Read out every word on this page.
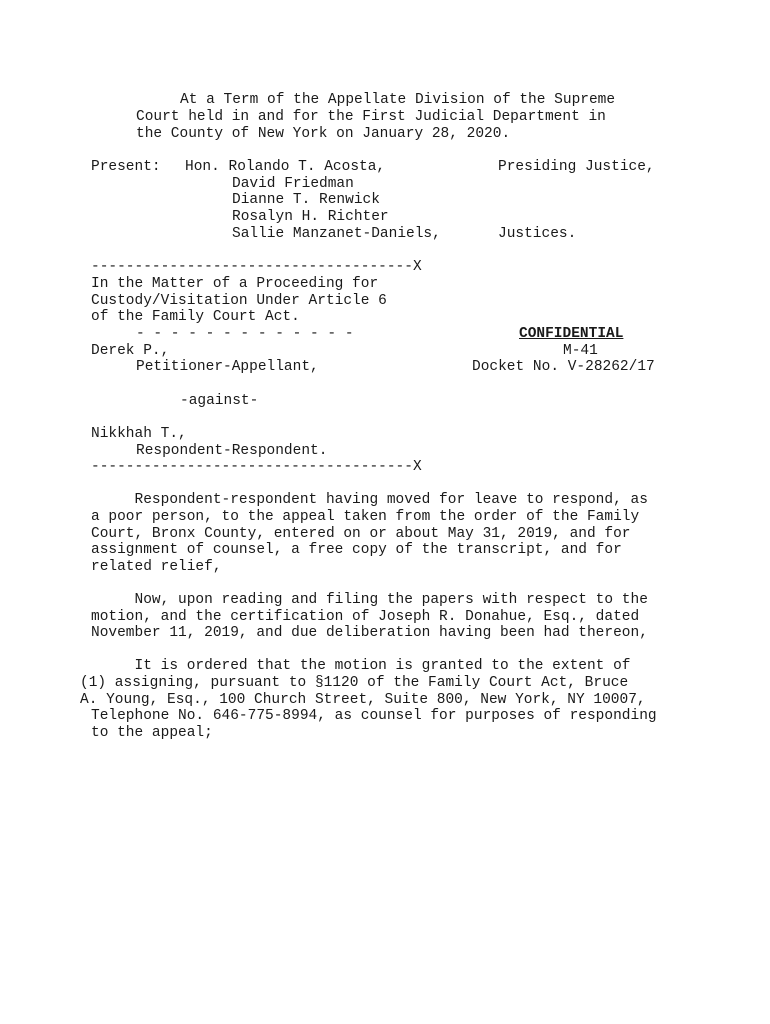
At a Term of the Appellate Division of the Supreme
Court held in and for the First Judicial Department in
the County of New York on January 28, 2020.
Present: Hon. Rolando T. Acosta,	Presiding Justice,
David Friedman
Dianne T. Renwick
Rosalyn H. Richter
Sallie Manzanet-Daniels,	Justices.
-------------------------------------X
In the Matter of a Proceeding for
Custody/Visitation Under Article 6
of the Family Court Act.
- - - - - - - - - - - - -	CONFIDENTIAL
Derek P.,	M-41
Petitioner-Appellant,	Docket No. V-28262/17
-against-
Nikkhah T.,
Respondent-Respondent.
-------------------------------------X
Respondent-respondent having moved for leave to respond, as
a poor person, to the appeal taken from the order of the Family
Court, Bronx County, entered on or about May 31, 2019, and for
assignment of counsel, a free copy of the transcript, and for
related relief,
Now, upon reading and filing the papers with respect to the
motion, and the certification of Joseph R. Donahue, Esq., dated
November 11, 2019, and due deliberation having been had thereon,
It is ordered that the motion is granted to the extent of
(1) assigning, pursuant to §1120 of the Family Court Act, Bruce
A. Young, Esq., 100 Church Street, Suite 800, New York, NY 10007,
Telephone No. 646-775-8994, as counsel for purposes of responding
to the appeal;
